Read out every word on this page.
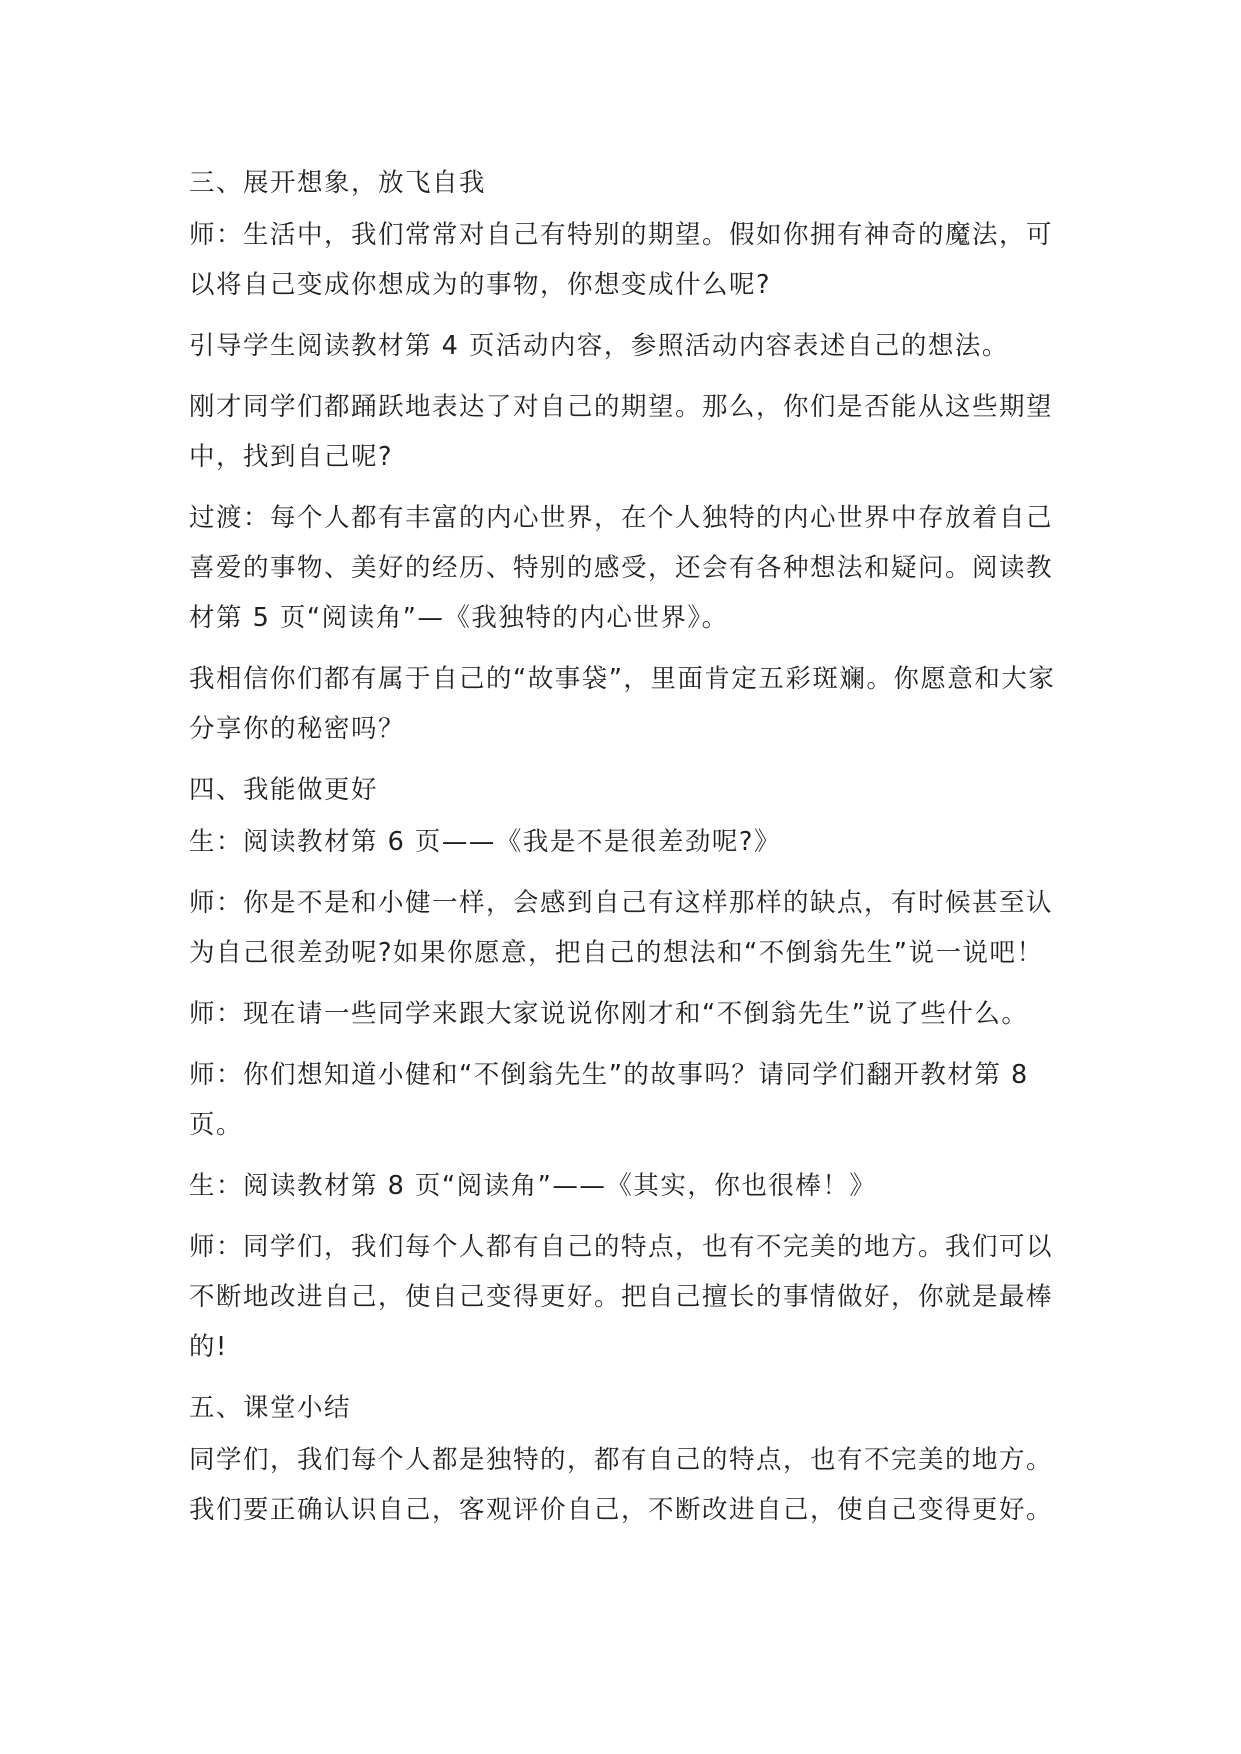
三、展开想象，放飞自我

师：生活中，我们常常对自己有特别的期望。假如你拥有神奇的魔法，可以将自己变成你想成为的事物，你想变成什么呢?

引导学生阅读教材第 4 页活动内容，参照活动内容表述自己的想法。

刚才同学们都踊跃地表达了对自己的期望。那么，你们是否能从这些期望中，找到自己呢?

过渡：每个人都有丰富的内心世界，在个人独特的内心世界中存放着自己喜爱的事物、美好的经历、特别的感受，还会有各种想法和疑问。阅读教材第 5 页“阅读角”—《我独特的内心世界》。

我相信你们都有属于自己的“故事袋”，里面肯定五彩斑斓。你愿意和大家分享你的秘密吗？

四、我能做更好

生：阅读教材第 6 页——《我是不是很差劲呢?》

师：你是不是和小健一样，会感到自己有这样那样的缺点，有时候甚至认为自己很差劲呢?如果你愿意，把自己的想法和“不倒翁先生”说一说吧！

师：现在请一些同学来跟大家说说你刚才和“不倒翁先生”说了些什么。

师：你们想知道小健和“不倒翁先生”的故事吗？请同学们翻开教材第 8 页。

生：阅读教材第 8 页“阅读角”——《其实，你也很棒！》

师：同学们，我们每个人都有自己的特点，也有不完美的地方。我们可以不断地改进自己，使自己变得更好。把自己擅长的事情做好，你就是最棒的!

五、课堂小结

同学们，我们每个人都是独特的，都有自己的特点，也有不完美的地方。我们要正确认识自己，客观评价自己，不断改进自己，使自己变得更好。
